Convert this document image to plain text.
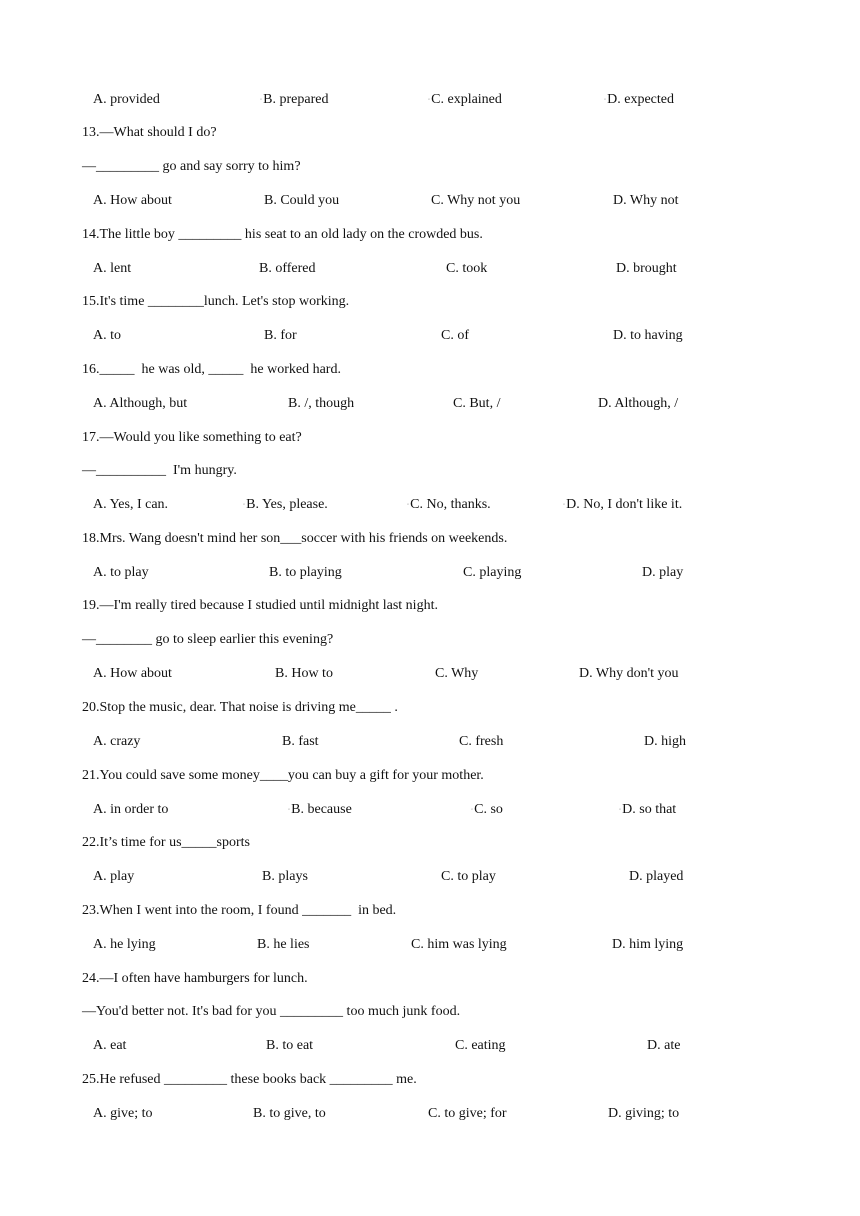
A. provided	◦B. prepared	◦C. explained	◦D. expected
13.—What should I do?
—_________ go and say sorry to him?
A. How about	B. Could you	C. Why not you	D. Why not
14.The little boy _________ his seat to an old lady on the crowded bus.
A. lent	B. offered	C. took	D. brought
15.It's time ________lunch. Let's stop working.
A. to	B. for	C. of	D. to having
16._____  he was old, _____  he worked hard.
A. Although, but	B. /, though	C. But, /	D. Although, /
17.—Would you like something to eat?
—__________  I'm hungry.
A. Yes, I can.	◦B. Yes, please.	◦C. No, thanks.	◦D. No, I don't like it.
18.Mrs. Wang doesn't mind her son___soccer with his friends on weekends.
A. to play	B. to playing	C. playing	D. play
19.—I'm really tired because I studied until midnight last night.
—________ go to sleep earlier this evening?
A. How about	B. How to	C. Why	D. Why don't you
20.Stop the music, dear. That noise is driving me_____ .
A. crazy	B. fast	C. fresh	D. high
21.You could save some money____you can buy a gift for your mother.
A. in order to	◦B. because	◦C. so	◦D. so that
22.It’s time for us_____sports
A. play	B. plays	C. to play	D. played
23.When I went into the room, I found _______  in bed.
A. he lying	B. he lies	C. him was lying	D. him lying
24.—I often have hamburgers for lunch.
—You'd better not. It's bad for you _________ too much junk food.
A. eat	B. to eat	C. eating	D. ate
25.He refused _________ these books back _________ me.
A. give; to	B. to give, to	C. to give; for	D. giving; to
